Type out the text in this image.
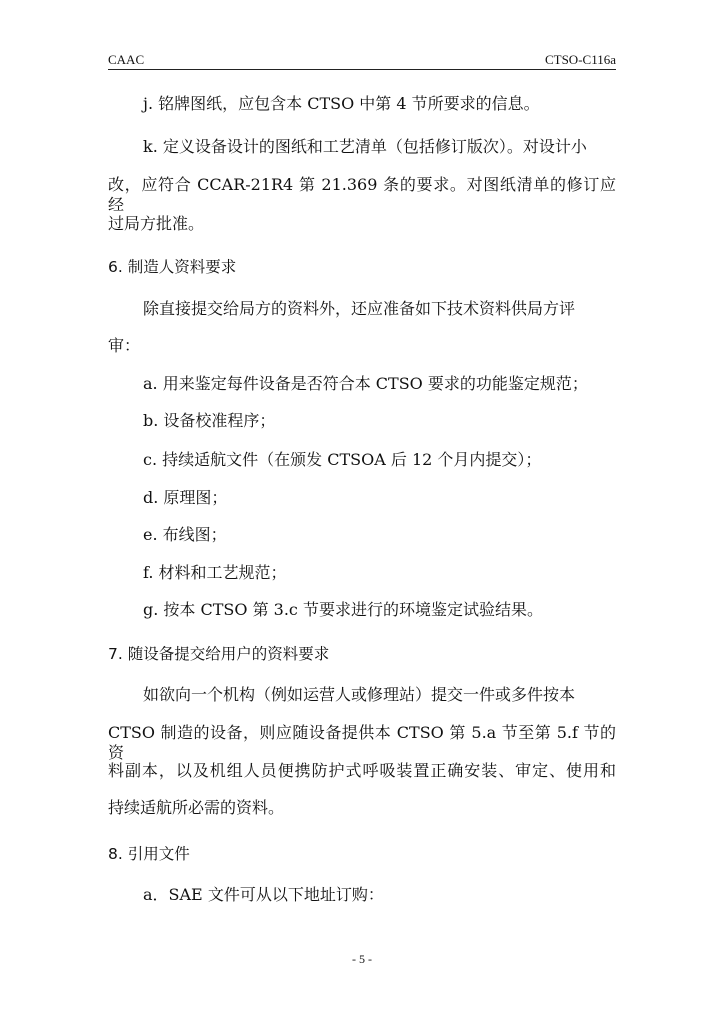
CAAC	CTSO-C116a
j. 铭牌图纸，应包含本 CTSO 中第 4 节所要求的信息。
k. 定义设备设计的图纸和工艺清单（包括修订版次）。对设计小
改，应符合 CCAR-21R4 第 21.369 条的要求。对图纸清单的修订应经
过局方批准。
6. 制造人资料要求
除直接提交给局方的资料外，还应准备如下技术资料供局方评
审：
a. 用来鉴定每件设备是否符合本 CTSO 要求的功能鉴定规范；
b. 设备校准程序；
c. 持续适航文件（在颁发 CTSOA 后 12 个月内提交）；
d. 原理图；
e. 布线图；
f. 材料和工艺规范；
g. 按本 CTSO 第 3.c 节要求进行的环境鉴定试验结果。
7. 随设备提交给用户的资料要求
如欲向一个机构（例如运营人或修理站）提交一件或多件按本
CTSO 制造的设备，则应随设备提供本 CTSO 第 5.a 节至第 5.f 节的资
料副本，以及机组人员便携防护式呼吸装置正确安装、审定、使用和
持续适航所必需的资料。
8. 引用文件
a．SAE 文件可从以下地址订购：
- 5 -
